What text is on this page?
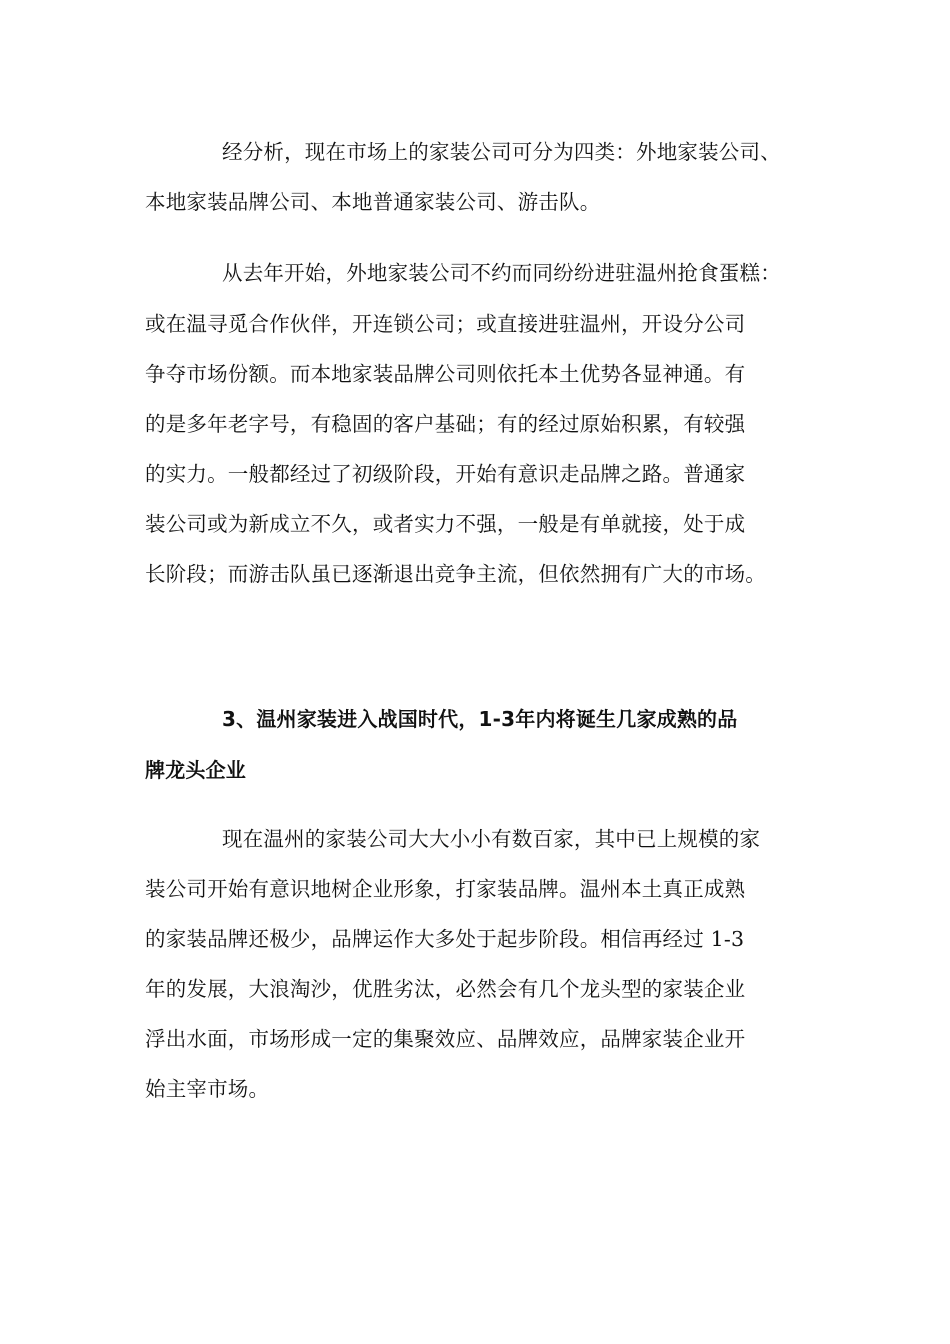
经分析，现在市场上的家装公司可分为四类：外地家装公司、
本地家装品牌公司、本地普通家装公司、游击队。
从去年开始，外地家装公司不约而同纷纷进驻温州抢食蛋糕：
或在温寻觅合作伙伴，开连锁公司；或直接进驻温州，开设分公司
争夺市场份额。而本地家装品牌公司则依托本土优势各显神通。有
的是多年老字号，有稳固的客户基础；有的经过原始积累，有较强
的实力。一般都经过了初级阶段，开始有意识走品牌之路。普通家
装公司或为新成立不久，或者实力不强，一般是有单就接，处于成
长阶段；而游击队虽已逐渐退出竞争主流，但依然拥有广大的市场。
3、温州家装进入战国时代，1-3年内将诞生几家成熟的品
牌龙头企业
现在温州的家装公司大大小小有数百家，其中已上规模的家
装公司开始有意识地树企业形象，打家装品牌。温州本土真正成熟
的家装品牌还极少，品牌运作大多处于起步阶段。相信再经过 1-3
年的发展，大浪淘沙，优胜劣汰，必然会有几个龙头型的家装企业
浮出水面，市场形成一定的集聚效应、品牌效应，品牌家装企业开
始主宰市场。
